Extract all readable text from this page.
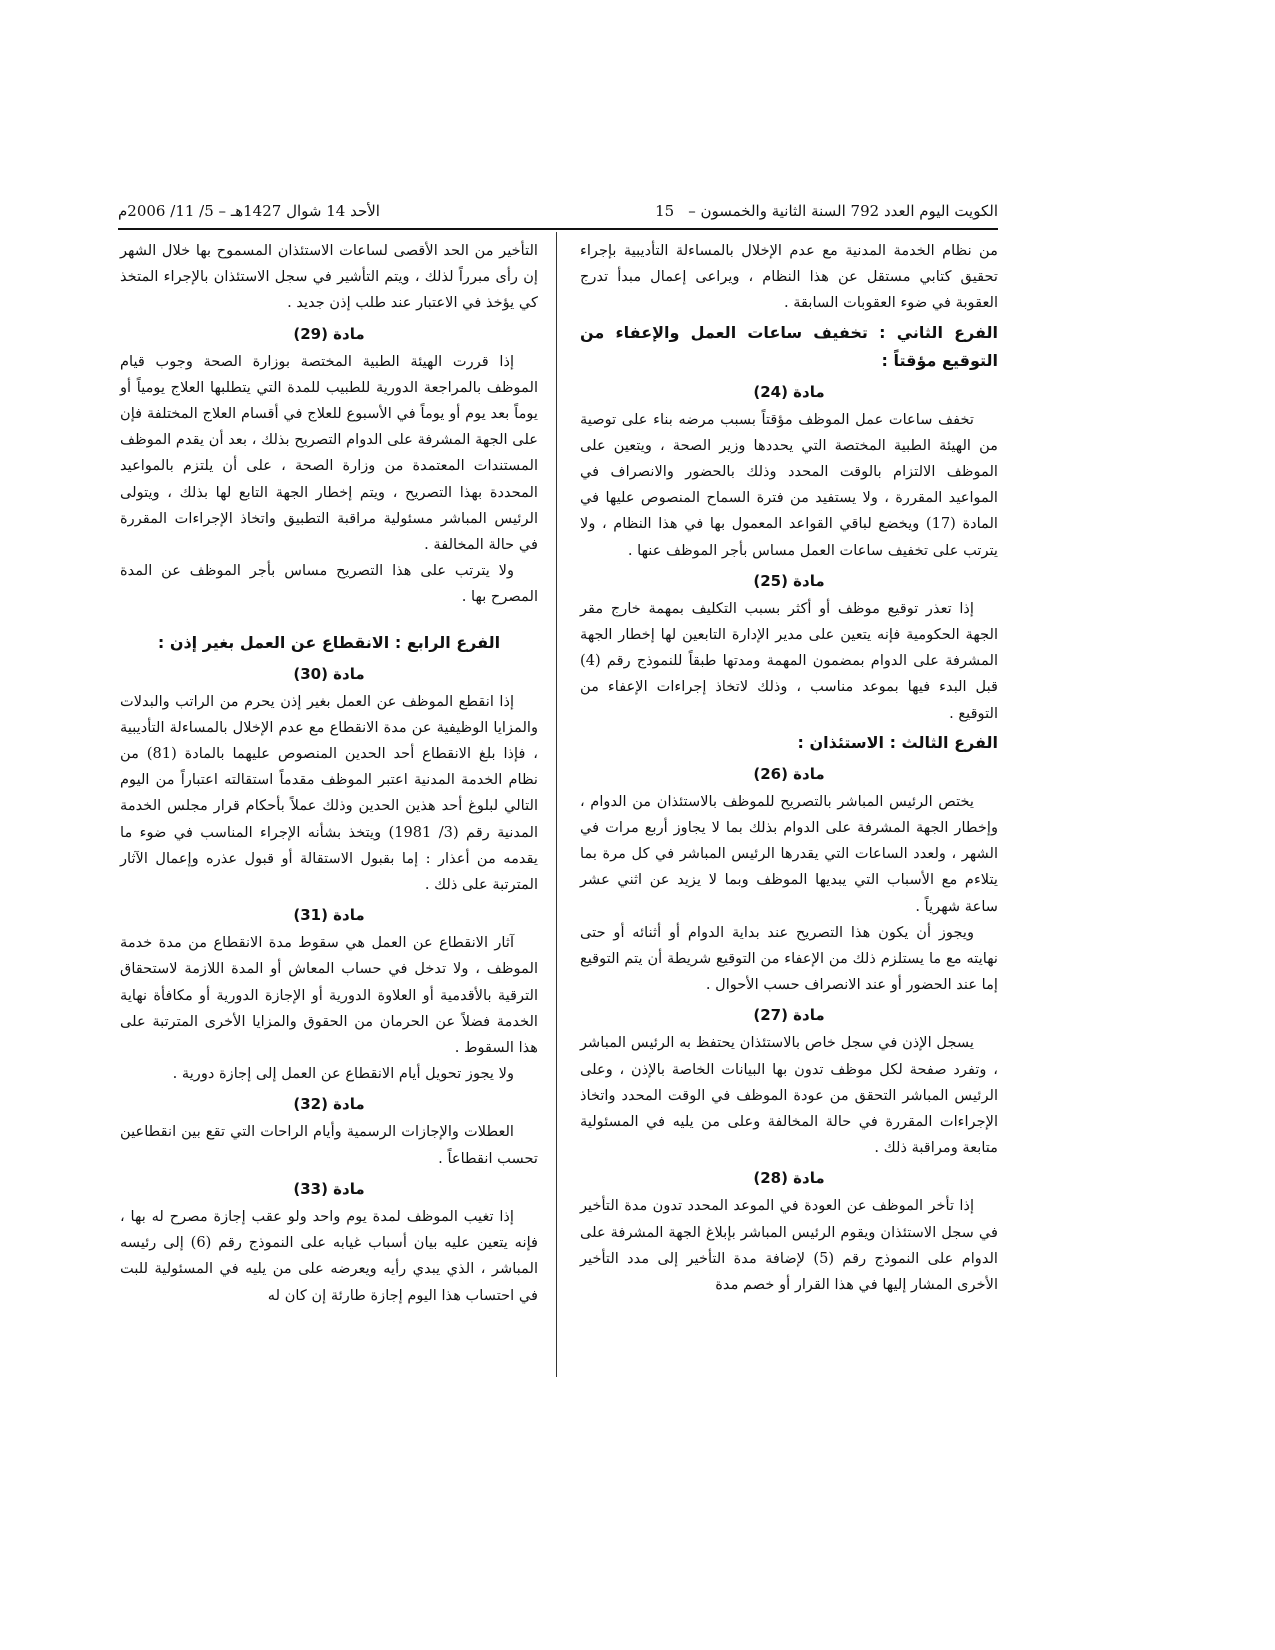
الكويت اليوم العدد 792 السنة الثانية والخمسون –
15
الأحد 14 شوال 1427هـ – 5/ 11/ 2006م

من نظام الخدمة المدنية مع عدم الإخلال بالمساءلة التأديبية بإجراء تحقيق كتابي مستقل عن هذا النظام ، ويراعى إعمال مبدأ تدرج العقوبة في ضوء العقوبات السابقة .

الفرع الثاني : تخفيف ساعات العمل والإعفاء من التوقيع مؤقتاً :
مادة (24)

تخفف ساعات عمل الموظف مؤقتاً بسبب مرضه بناء على توصية من الهيئة الطبية المختصة التي يحددها وزير الصحة ، ويتعين على الموظف الالتزام بالوقت المحدد وذلك بالحضور والانصراف في المواعيد المقررة ، ولا يستفيد من فترة السماح المنصوص عليها في المادة (17) ويخضع لباقي القواعد المعمول بها في هذا النظام ، ولا يترتب على تخفيف ساعات العمل مساس بأجر الموظف عنها .

مادة (25)

إذا تعذر توقيع موظف أو أكثر بسبب التكليف بمهمة خارج مقر الجهة الحكومية فإنه يتعين على مدير الإدارة التابعين لها إخطار الجهة المشرفة على الدوام بمضمون المهمة ومدتها طبقاً للنموذج رقم (4) قبل البدء فيها بموعد مناسب ، وذلك لاتخاذ إجراءات الإعفاء من التوقيع .

الفرع الثالث : الاستئذان :
مادة (26)

يختص الرئيس المباشر بالتصريح للموظف بالاستئذان من الدوام ، وإخطار الجهة المشرفة على الدوام بذلك بما لا يجاوز أربع مرات في الشهر ، ولعدد الساعات التي يقدرها الرئيس المباشر في كل مرة بما يتلاءم مع الأسباب التي يبديها الموظف وبما لا يزيد عن اثني عشر ساعة شهرياً .

ويجوز أن يكون هذا التصريح عند بداية الدوام أو أثنائه أو حتى نهايته مع ما يستلزم ذلك من الإعفاء من التوقيع شريطة أن يتم التوقيع إما عند الحضور أو عند الانصراف حسب الأحوال .

مادة (27)

يسجل الإذن في سجل خاص بالاستئذان يحتفظ به الرئيس المباشر ، وتفرد صفحة لكل موظف تدون بها البيانات الخاصة بالإذن ، وعلى الرئيس المباشر التحقق من عودة الموظف في الوقت المحدد واتخاذ الإجراءات المقررة في حالة المخالفة وعلى من يليه في المسئولية متابعة ومراقبة ذلك .

مادة (28)

إذا تأخر الموظف عن العودة في الموعد المحدد تدون مدة التأخير في سجل الاستئذان ويقوم الرئيس المباشر بإبلاغ الجهة المشرفة على الدوام على النموذج رقم (5) لإضافة مدة التأخير إلى مدد التأخير الأخرى المشار إليها في هذا القرار أو خصم مدة

التأخير من الحد الأقصى لساعات الاستئذان المسموح بها خلال الشهر إن رأى مبرراً لذلك ، ويتم التأشير في سجل الاستئذان بالإجراء المتخذ كي يؤخذ في الاعتبار عند طلب إذن جديد .

مادة (29)

إذا قررت الهيئة الطبية المختصة بوزارة الصحة وجوب قيام الموظف بالمراجعة الدورية للطبيب للمدة التي يتطلبها العلاج يومياً أو يوماً بعد يوم أو يوماً في الأسبوع للعلاج في أقسام العلاج المختلفة فإن على الجهة المشرفة على الدوام التصريح بذلك ، بعد أن يقدم الموظف المستندات المعتمدة من وزارة الصحة ، على أن يلتزم بالمواعيد المحددة بهذا التصريح ، ويتم إخطار الجهة التابع لها بذلك ، ويتولى الرئيس المباشر مسئولية مراقبة التطبيق واتخاذ الإجراءات المقررة في حالة المخالفة .

ولا يترتب على هذا التصريح مساس بأجر الموظف عن المدة المصرح بها .

الفرع الرابع : الانقطاع عن العمل بغير إذن :
مادة (30)

إذا انقطع الموظف عن العمل بغير إذن يحرم من الراتب والبدلات والمزايا الوظيفية عن مدة الانقطاع مع عدم الإخلال بالمساءلة التأديبية ، فإذا بلغ الانقطاع أحد الحدين المنصوص عليهما بالمادة (81) من نظام الخدمة المدنية اعتبر الموظف مقدماً استقالته اعتباراً من اليوم التالي لبلوغ أحد هذين الحدين وذلك عملاً بأحكام قرار مجلس الخدمة المدنية رقم (3/ 1981) ويتخذ بشأنه الإجراء المناسب في ضوء ما يقدمه من أعذار : إما بقبول الاستقالة أو قبول عذره وإعمال الآثار المترتبة على ذلك .

مادة (31)

آثار الانقطاع عن العمل هي سقوط مدة الانقطاع من مدة خدمة الموظف ، ولا تدخل في حساب المعاش أو المدة اللازمة لاستحقاق الترقية بالأقدمية أو العلاوة الدورية أو الإجازة الدورية أو مكافأة نهاية الخدمة فضلاً عن الحرمان من الحقوق والمزايا الأخرى المترتبة على هذا السقوط .

ولا يجوز تحويل أيام الانقطاع عن العمل إلى إجازة دورية .

مادة (32)

العطلات والإجازات الرسمية وأيام الراحات التي تقع بين انقطاعين تحسب انقطاعاً .

مادة (33)

إذا تغيب الموظف لمدة يوم واحد ولو عقب إجازة مصرح له بها ، فإنه يتعين عليه بيان أسباب غيابه على النموذج رقم (6) إلى رئيسه المباشر ، الذي يبدي رأيه ويعرضه على من يليه في المسئولية للبت في احتساب هذا اليوم إجازة طارئة إن كان له
